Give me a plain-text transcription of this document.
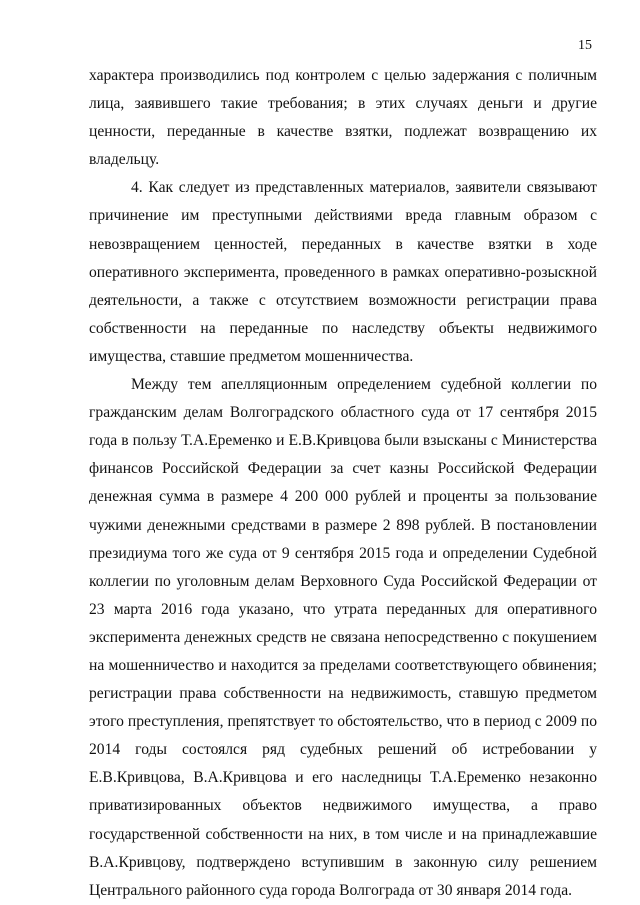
15

характера производились под контролем с целью задержания с поличным лица, заявившего такие требования; в этих случаях деньги и другие ценности, переданные в качестве взятки, подлежат возвращению их владельцу.

4. Как следует из представленных материалов, заявители связывают причинение им преступными действиями вреда главным образом с невозвращением ценностей, переданных в качестве взятки в ходе оперативного эксперимента, проведенного в рамках оперативно-розыскной деятельности, а также с отсутствием возможности регистрации права собственности на переданные по наследству объекты недвижимого имущества, ставшие предметом мошенничества.

Между тем апелляционным определением судебной коллегии по гражданским делам Волгоградского областного суда от 17 сентября 2015 года в пользу Т.А.Еременко и Е.В.Кривцова были взысканы с Министерства финансов Российской Федерации за счет казны Российской Федерации денежная сумма в размере 4 200 000 рублей и проценты за пользование чужими денежными средствами в размере 2 898 рублей. В постановлении президиума того же суда от 9 сентября 2015 года и определении Судебной коллегии по уголовным делам Верховного Суда Российской Федерации от 23 марта 2016 года указано, что утрата переданных для оперативного эксперимента денежных средств не связана непосредственно с покушением на мошенничество и находится за пределами соответствующего обвинения; регистрации права собственности на недвижимость, ставшую предметом этого преступления, препятствует то обстоятельство, что в период с 2009 по 2014 годы состоялся ряд судебных решений об истребовании у Е.В.Кривцова, В.А.Кривцова и его наследницы Т.А.Еременко незаконно приватизированных объектов недвижимого имущества, а право государственной собственности на них, в том числе и на принадлежавшие В.А.Кривцову, подтверждено вступившим в законную силу решением Центрального районного суда города Волгограда от 30 января 2014 года.
